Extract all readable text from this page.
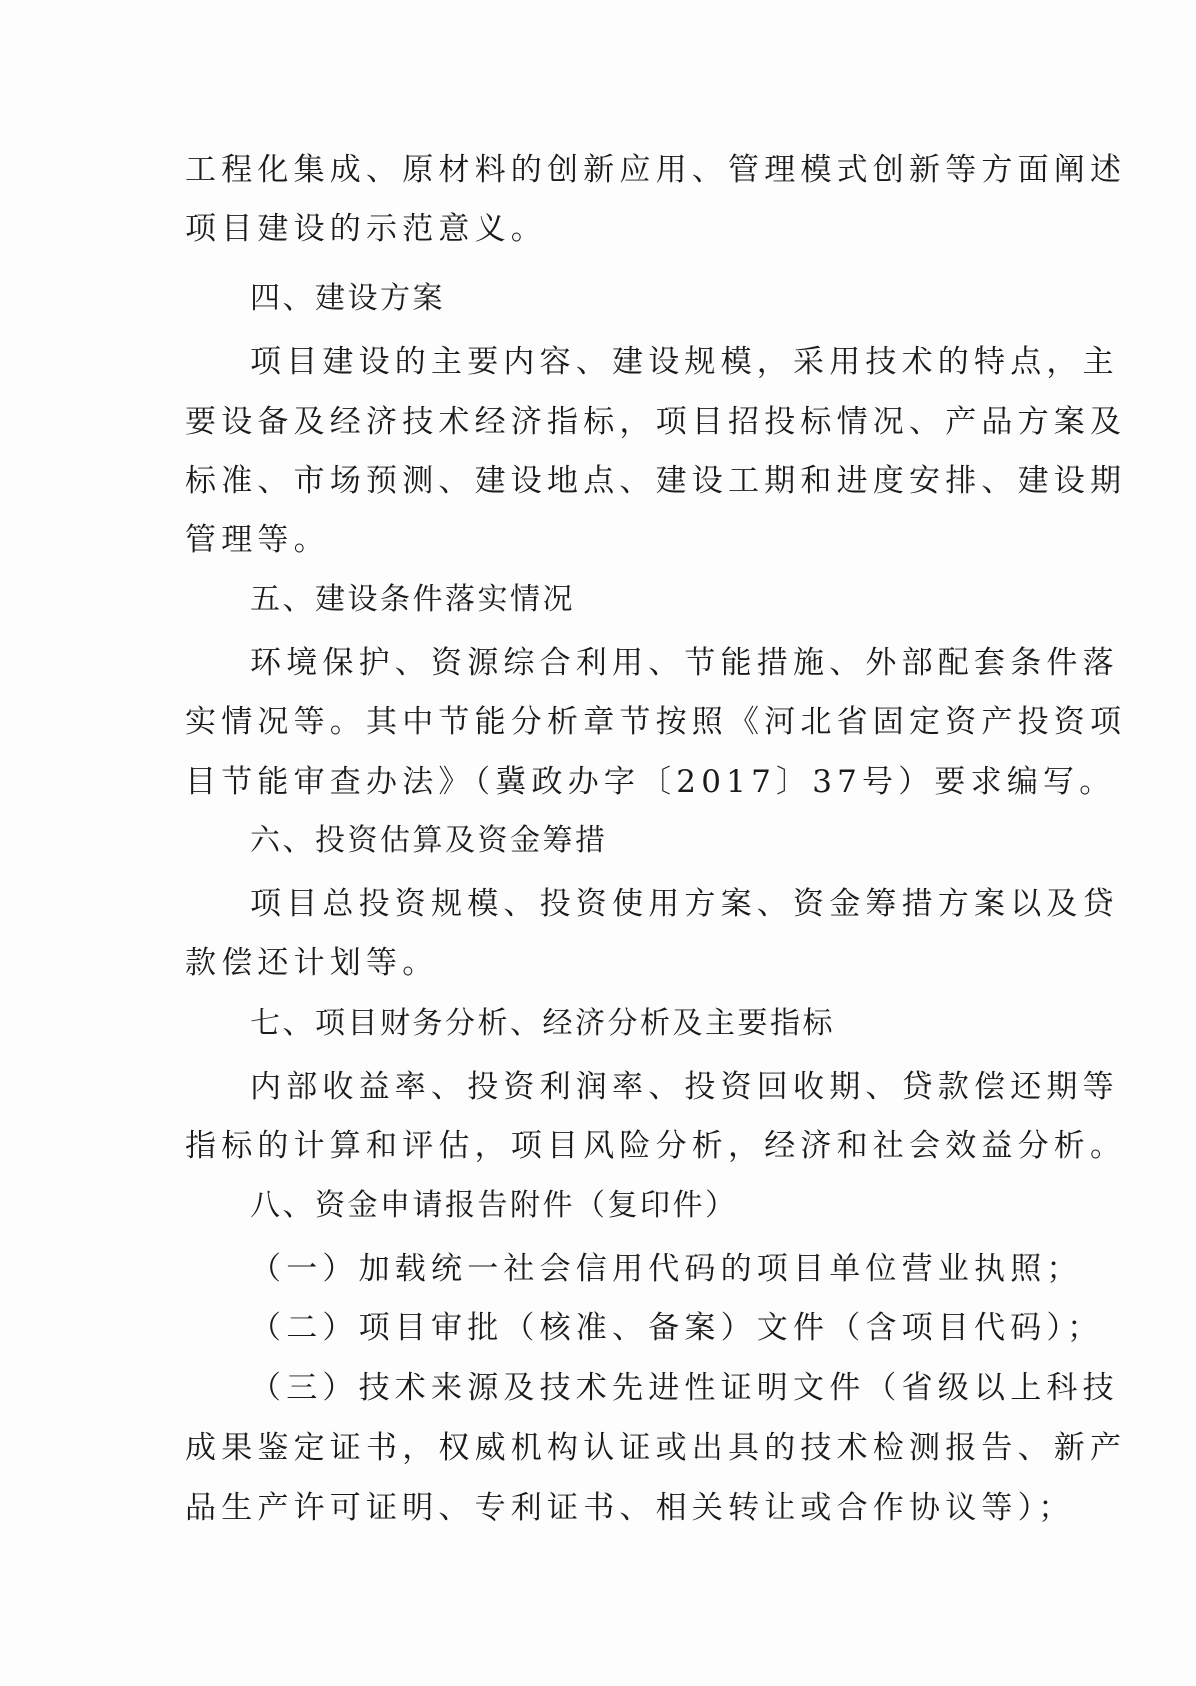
工程化集成、原材料的创新应用、管理模式创新等方面阐述
项目建设的示范意义。
四、建设方案
项目建设的主要内容、建设规模，采用技术的特点，主
要设备及经济技术经济指标，项目招投标情况、产品方案及
标准、市场预测、建设地点、建设工期和进度安排、建设期
管理等。
五、建设条件落实情况
环境保护、资源综合利用、节能措施、外部配套条件落
实情况等。其中节能分析章节按照《河北省固定资产投资项
目节能审查办法》（冀政办字〔2017〕37号）要求编写。
六、投资估算及资金筹措
项目总投资规模、投资使用方案、资金筹措方案以及贷
款偿还计划等。
七、项目财务分析、经济分析及主要指标
内部收益率、投资利润率、投资回收期、贷款偿还期等
指标的计算和评估，项目风险分析，经济和社会效益分析。
八、资金申请报告附件（复印件）
（一）加载统一社会信用代码的项目单位营业执照；
（二）项目审批（核准、备案）文件（含项目代码）；
（三）技术来源及技术先进性证明文件（省级以上科技
成果鉴定证书，权威机构认证或出具的技术检测报告、新产
品生产许可证明、专利证书、相关转让或合作协议等）；
